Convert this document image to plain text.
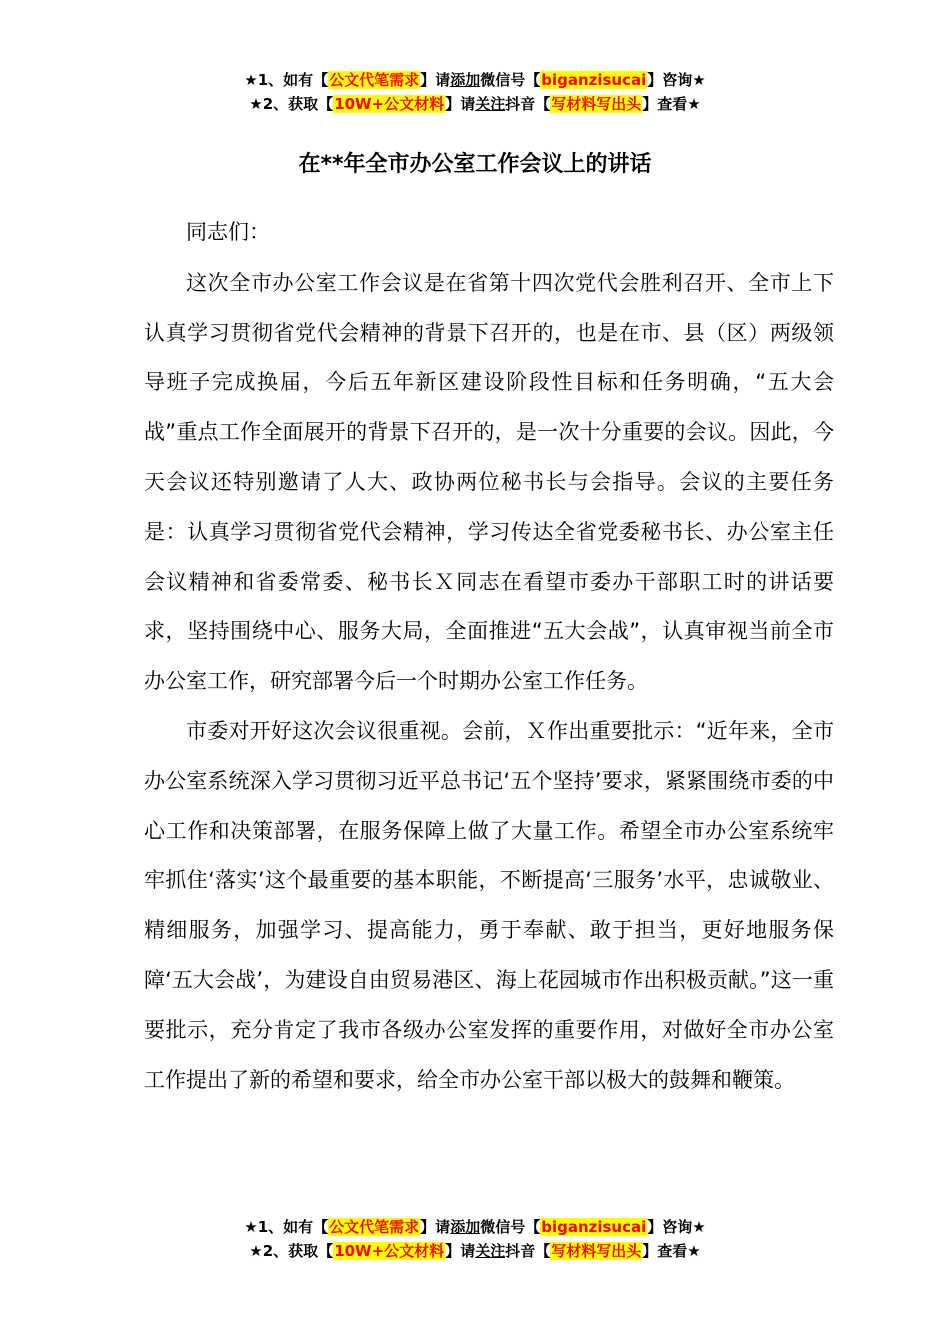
★1、如有【公文代笔需求】请添加微信号【biganzisucai】咨询★
★2、获取【10W+公文材料】请关注抖音【写材料写出头】查看★
在**年全市办公室工作会议上的讲话

同志们：

这次全市办公室工作会议是在省第十四次党代会胜利召开、全市上下认真学习贯彻省党代会精神的背景下召开的，也是在市、县（区）两级领导班子完成换届，今后五年新区建设阶段性目标和任务明确，“五大会战”重点工作全面展开的背景下召开的，是一次十分重要的会议。因此，今天会议还特别邀请了人大、政协两位秘书长与会指导。会议的主要任务是：认真学习贯彻省党代会精神，学习传达全省党委秘书长、办公室主任会议精神和省委常委、秘书长Ｘ同志在看望市委办干部职工时的讲话要求，坚持围绕中心、服务大局，全面推进“五大会战”，认真审视当前全市办公室工作，研究部署今后一个时期办公室工作任务。

市委对开好这次会议很重视。会前，Ｘ作出重要批示：“近年来，全市办公室系统深入学习贯彻习近平总书记‘五个坚持’要求，紧紧围绕市委的中心工作和决策部署，在服务保障上做了大量工作。希望全市办公室系统牢牢抓住‘落实’这个最重要的基本职能，不断提高‘三服务’水平，忠诚敬业、精细服务，加强学习、提高能力，勇于奉献、敢于担当，更好地服务保障‘五大会战’，为建设自由贸易港区、海上花园城市作出积极贡献。”这一重要批示，充分肯定了我市各级办公室发挥的重要作用，对做好全市办公室工作提出了新的希望和要求，给全市办公室干部以极大的鼓舞和鞭策。

★1、如有【公文代笔需求】请添加微信号【biganzisucai】咨询★
★2、获取【10W+公文材料】请关注抖音【写材料写出头】查看★
